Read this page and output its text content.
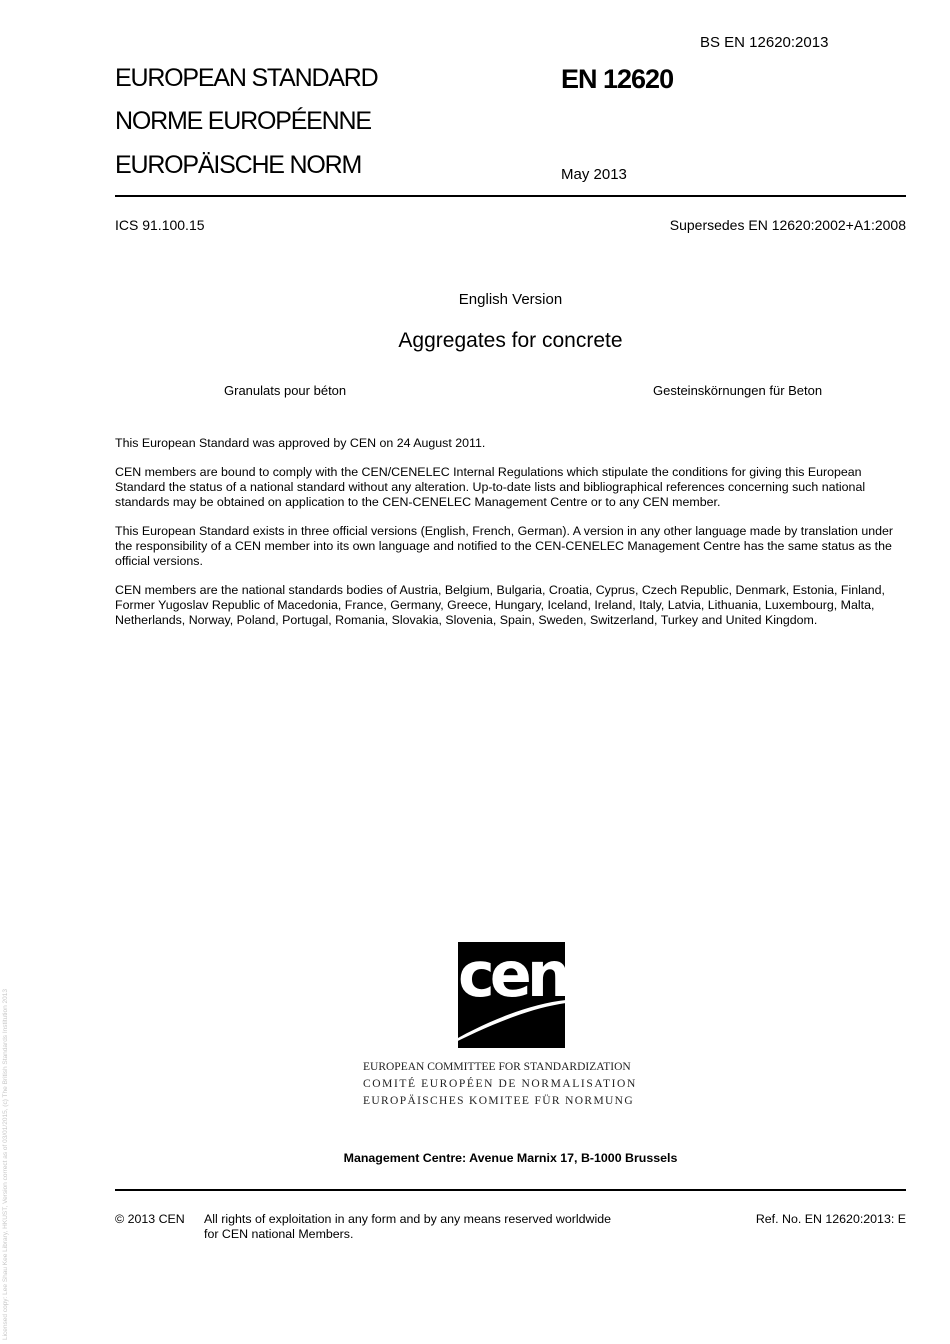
Licensed copy: Lee Shau Kee Library, HKUST, Version correct as of 03/01/2015, (c) The British Standards Institution 2013
BS EN 12620:2013
EUROPEAN STANDARD
NORME EUROPÉENNE
EUROPÄISCHE NORM
EN 12620
May 2013
ICS 91.100.15	Supersedes EN 12620:2002+A1:2008
English Version
Aggregates for concrete
Granulats pour béton	Gesteinskörnungen für Beton

This European Standard was approved by CEN on 24 August 2011.

CEN members are bound to comply with the CEN/CENELEC Internal Regulations which stipulate the conditions for giving this European Standard the status of a national standard without any alteration. Up-to-date lists and bibliographical references concerning such national standards may be obtained on application to the CEN-CENELEC Management Centre or to any CEN member.

This European Standard exists in three official versions (English, French, German). A version in any other language made by translation under the responsibility of a CEN member into its own language and notified to the CEN-CENELEC Management Centre has the same status as the official versions.

CEN members are the national standards bodies of Austria, Belgium, Bulgaria, Croatia, Cyprus, Czech Republic, Denmark, Estonia, Finland, Former Yugoslav Republic of Macedonia, France, Germany, Greece, Hungary, Iceland, Ireland, Italy, Latvia, Lithuania, Luxembourg, Malta, Netherlands, Norway, Poland, Portugal, Romania, Slovakia, Slovenia, Spain, Sweden, Switzerland, Turkey and United Kingdom.

cen
EUROPEAN COMMITTEE FOR STANDARDIZATION
COMITÉ EUROPÉEN DE NORMALISATION
EUROPÄISCHES KOMITEE FÜR NORMUNG
Management Centre: Avenue Marnix 17, B-1000 Brussels
© 2013 CEN All rights of exploitation in any form and by any means reserved worldwide for CEN national Members.
Ref. No. EN 12620:2013: E
